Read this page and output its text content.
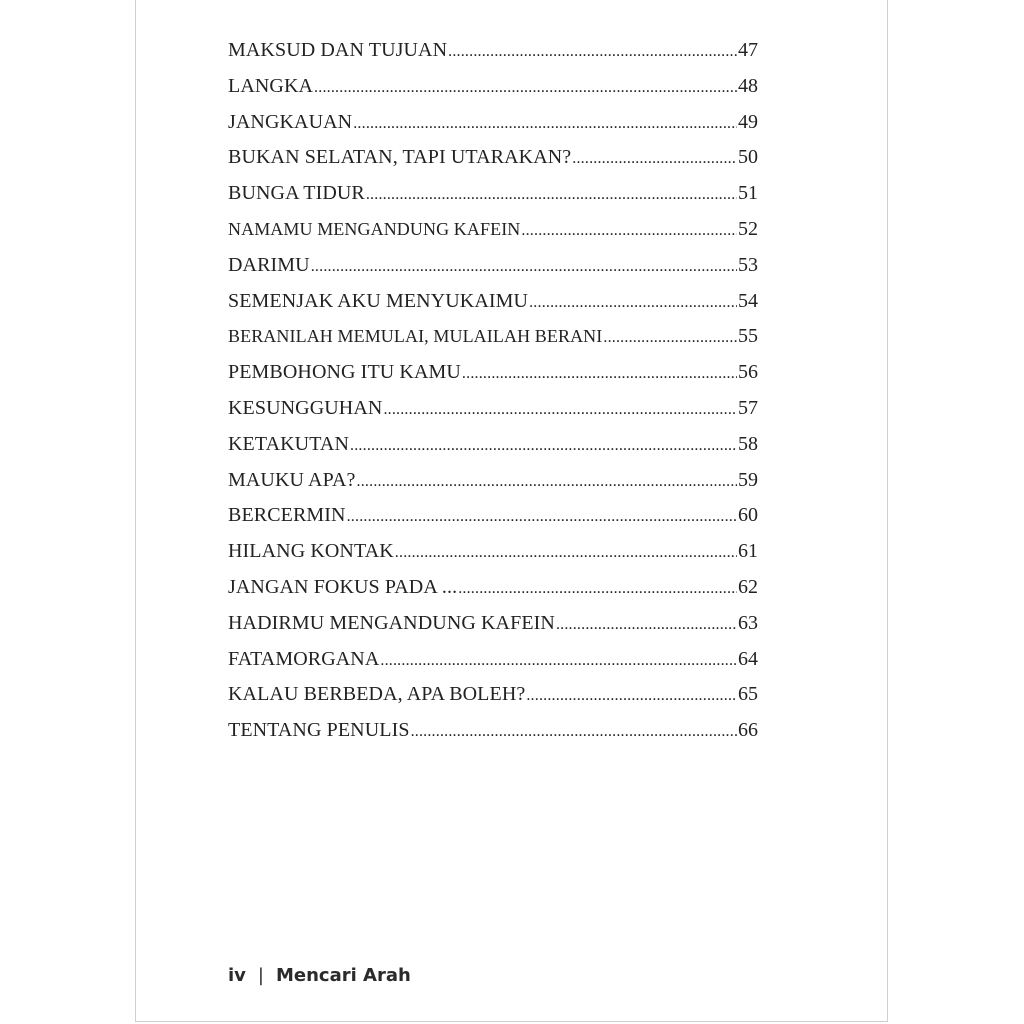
MAKSUD DAN TUJUAN .....	47
LANGKA .....	48
JANGKAUAN .....	49
BUKAN SELATAN, TAPI UTARAKAN? .....	50
BUNGA TIDUR .....	51
NAMAMU MENGANDUNG KAFEIN .....	52
DARIMU .....	53
SEMENJAK AKU MENYUKAIMU .....	54
BERANILAH MEMULAI, MULAILAH BERANI .....	55
PEMBOHONG ITU KAMU .....	56
KESUNGGUHAN .....	57
KETAKUTAN .....	58
MAUKU APA? .....	59
BERCERMIN .....	60
HILANG KONTAK .....	61
JANGAN FOKUS PADA ... .....	62
HADIRMU MENGANDUNG KAFEIN .....	63
FATAMORGANA .....	64
KALAU BERBEDA, APA BOLEH? .....	65
TENTANG PENULIS .....	66
iv | Mencari Arah
